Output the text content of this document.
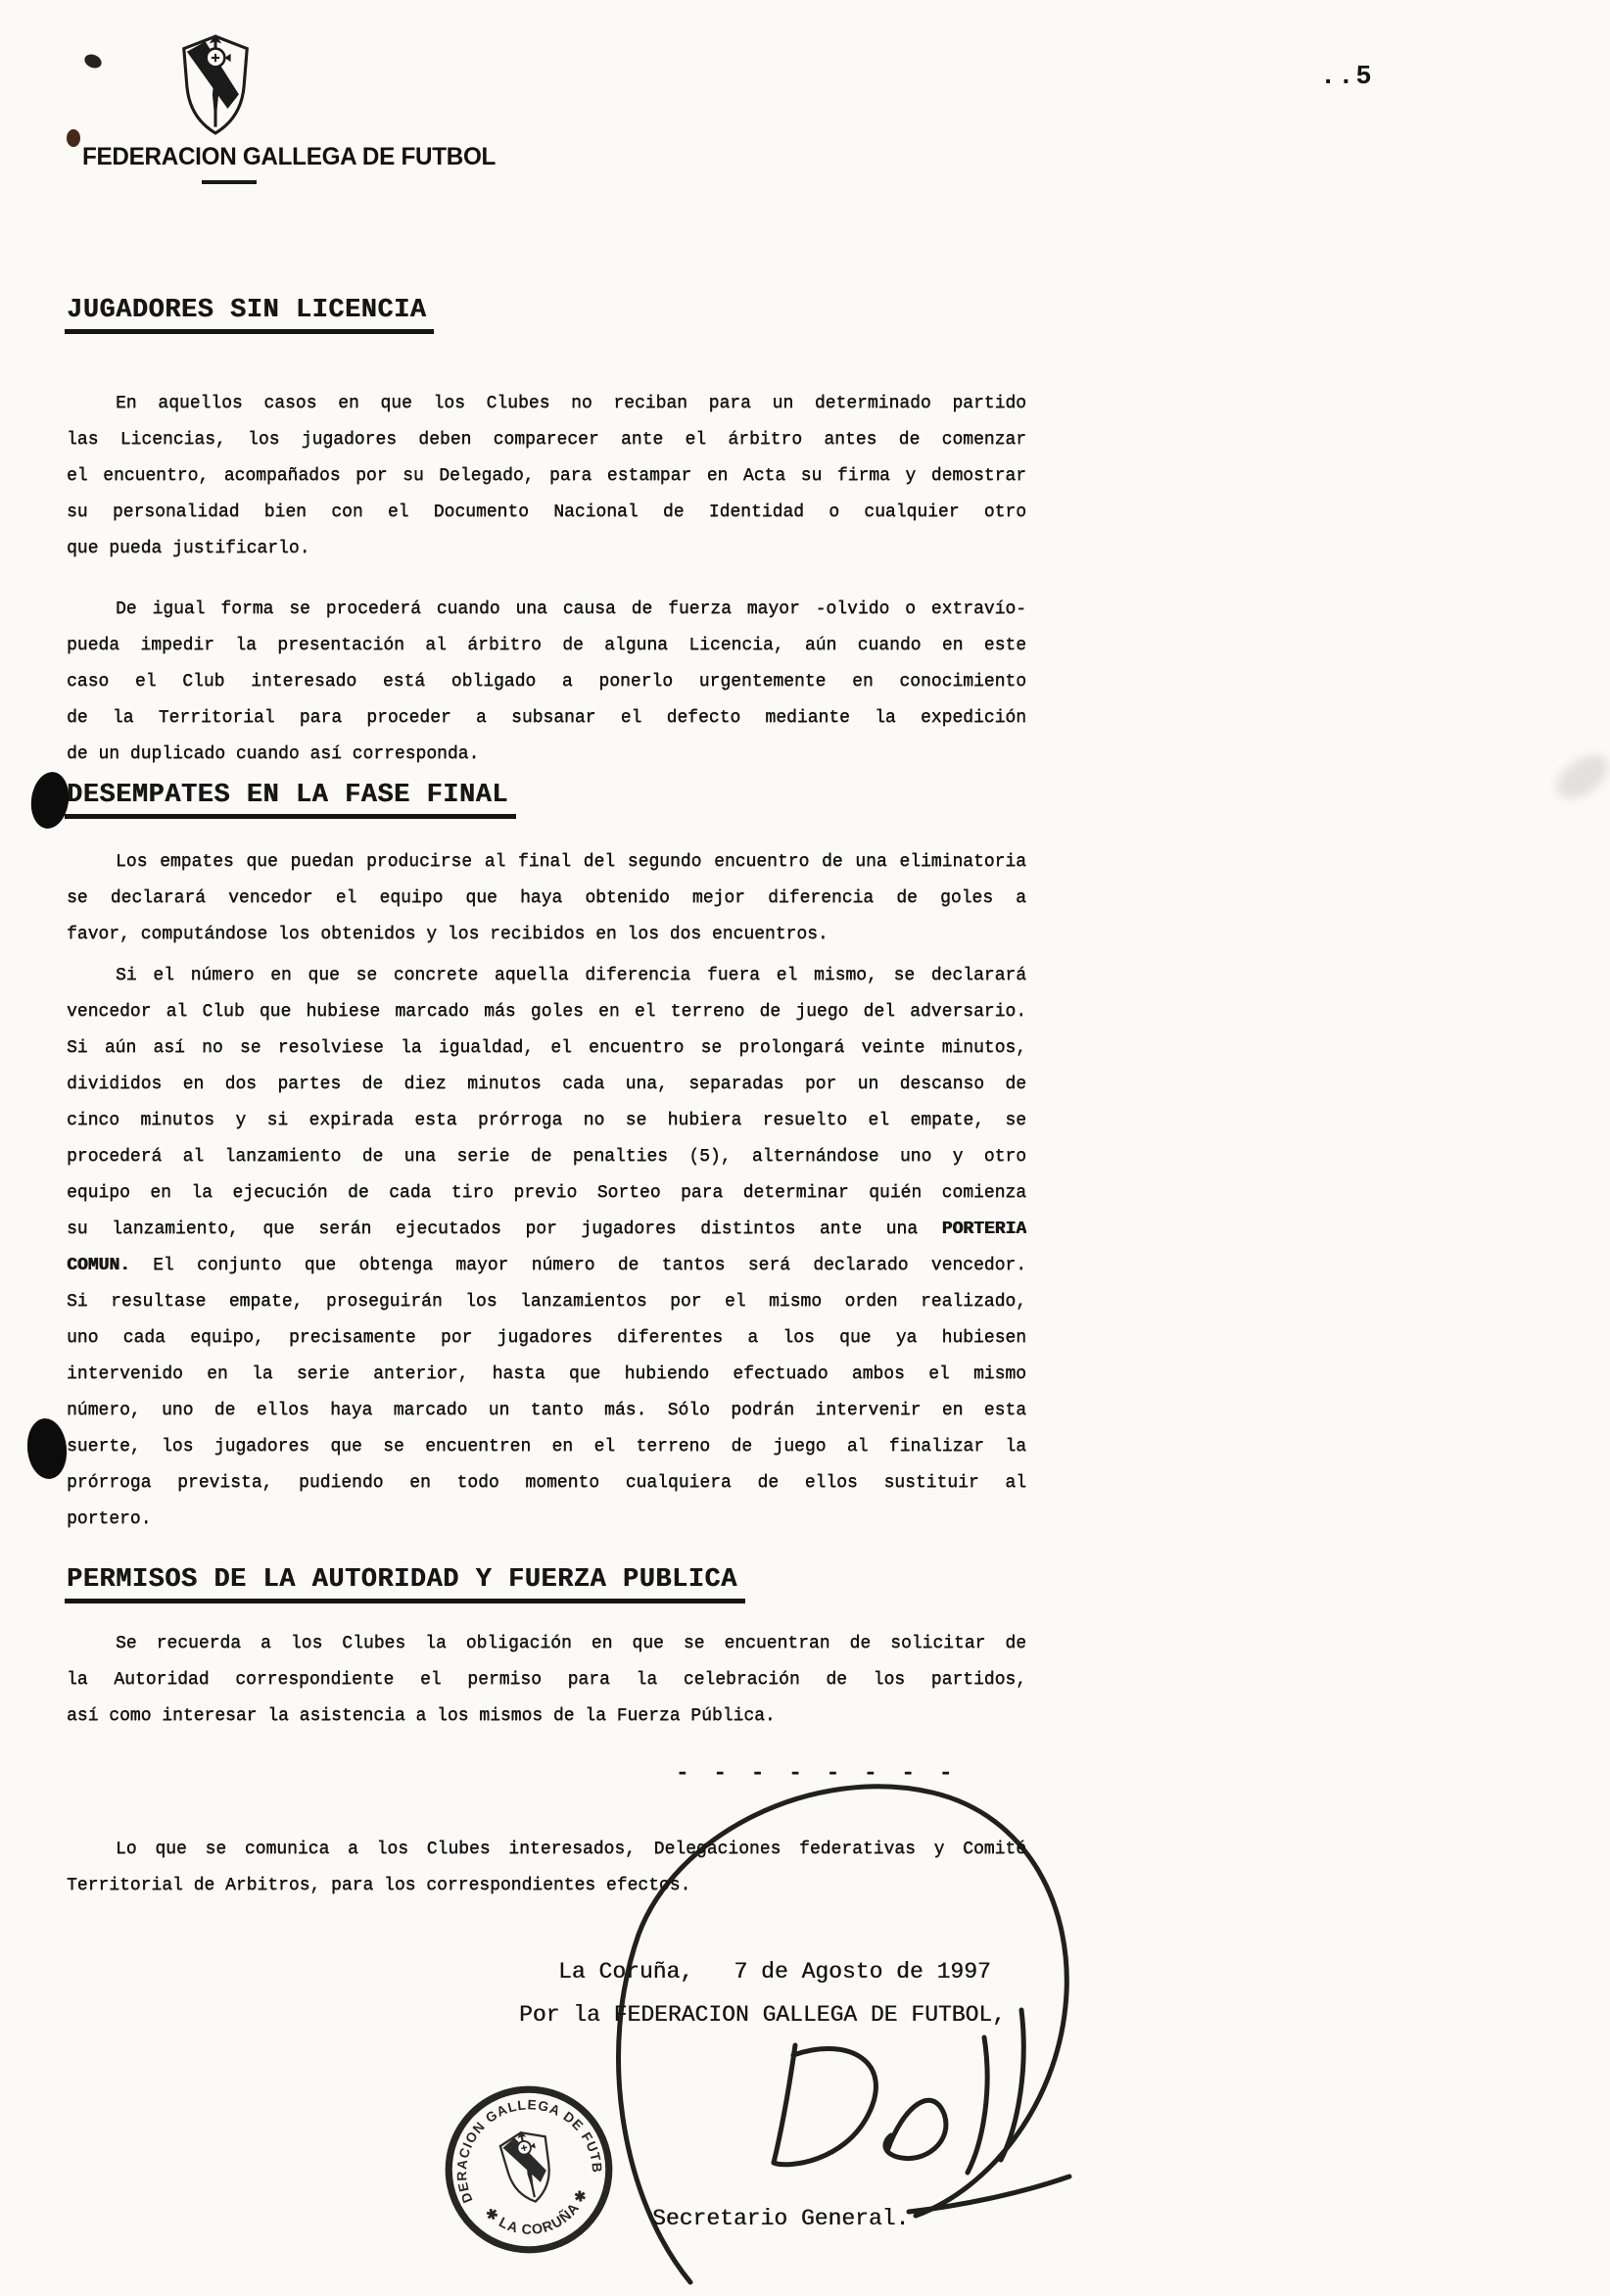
FEDERACION GALLEGA DE FUTBOL
..5
JUGADORES SIN LICENCIA
En aquellos casos en que los Clubes no reciban para un determinado partido
las Licencias, los jugadores deben comparecer ante el árbitro antes de comenzar
el encuentro, acompañados por su Delegado, para estampar en Acta su firma y demostrar
su personalidad bien con el Documento Nacional de Identidad o cualquier otro
que pueda justificarlo.
De igual forma se procederá cuando una causa de fuerza mayor -olvido o extravío-
pueda impedir la presentación al árbitro de alguna Licencia, aún cuando en este
caso el Club interesado está obligado a ponerlo urgentemente en conocimiento
de la Territorial para proceder a subsanar el defecto mediante la expedición
de un duplicado cuando así corresponda.
DESEMPATES EN LA FASE FINAL
Los empates que puedan producirse al final del segundo encuentro de una eliminatoria
se declarará vencedor el equipo que haya obtenido mejor diferencia de goles a
favor, computándose los obtenidos y los recibidos en los dos encuentros.
Si el número en que se concrete aquella diferencia fuera el mismo, se declarará
vencedor al Club que hubiese marcado más goles en el terreno de juego del adversario.
Si aún así no se resolviese la igualdad, el encuentro se prolongará veinte minutos,
divididos en dos partes de diez minutos cada una, separadas por un descanso de
cinco minutos y si expirada esta prórroga no se hubiera resuelto el empate, se
procederá al lanzamiento de una serie de penalties (5), alternándose uno y otro
equipo en la ejecución de cada tiro previo Sorteo para determinar quién comienza
su lanzamiento, que serán ejecutados por jugadores distintos ante una PORTERIA
COMUN. El conjunto que obtenga mayor número de tantos será declarado vencedor.
Si resultase empate, proseguirán los lanzamientos por el mismo orden realizado,
uno cada equipo, precisamente por jugadores diferentes a los que ya hubiesen
intervenido en la serie anterior, hasta que hubiendo efectuado ambos el mismo
número, uno de ellos haya marcado un tanto más. Sólo podrán intervenir en esta
suerte, los jugadores que se encuentren en el terreno de juego al finalizar la
prórroga prevista, pudiendo en todo momento cualquiera de ellos sustituir al
portero.
PERMISOS DE LA AUTORIDAD Y FUERZA PUBLICA
Se recuerda a los Clubes la obligación en que se encuentran de solicitar de
la Autoridad correspondiente el permiso para la celebración de los partidos,
así como interesar la asistencia a los mismos de la Fuerza Pública.
- - - - - - - -
Lo que se comunica a los Clubes interesados, Delegaciones federativas y Comité
Territorial de Arbitros, para los correspondientes efectos.
La Coruña,   7 de Agosto de 1997
Por la FEDERACION GALLEGA DE FUTBOL,
Secretario General.
FEDERACION GALLEGA DE FUTBOL
✱ LA CORUÑA ✱
